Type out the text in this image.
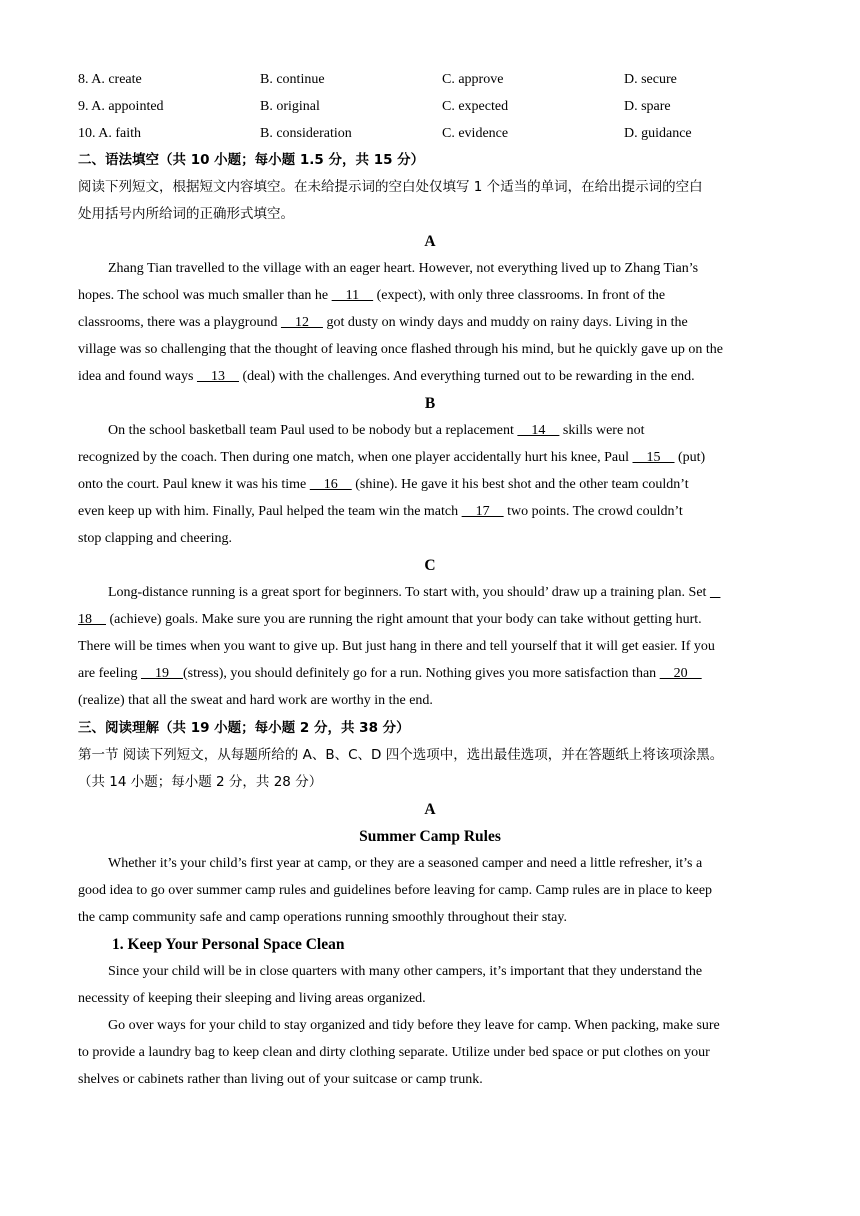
8. A. create	B. continue	C. approve	D. secure
9. A. appointed	B. original	C. expected	D. spare
10. A. faith	B. consideration	C. evidence	D. guidance
二、语法填空（共 10 小题；每小题 1.5 分，共 15 分）
阅读下列短文，根据短文内容填空。在未给提示词的空白处仅填写 1 个适当的单词，在给出提示词的空白
处用括号内所给词的正确形式填空。
A
Zhang Tian travelled to the village with an eager heart. However, not everything lived up to Zhang Tian’s
hopes. The school was much smaller than he     11     (expect), with only three classrooms. In front of the
classrooms, there was a playground     12     got dusty on windy days and muddy on rainy days. Living in the
village was so challenging that the thought of leaving once flashed through his mind, but he quickly gave up on the
idea and found ways     13     (deal) with the challenges. And everything turned out to be rewarding in the end.
B
On the school basketball team Paul used to be nobody but a replacement     14     skills were not
recognized by the coach. Then during one match, when one player accidentally hurt his knee, Paul     15     (put)
onto the court. Paul knew it was his time     16     (shine). He gave it his best shot and the other team couldn’t
even keep up with him. Finally, Paul helped the team win the match     17     two points. The crowd couldn’t
stop clapping and cheering.
C
Long-distance running is a great sport for beginners. To start with, you should’ draw up a training plan. Set
18     (achieve) goals. Make sure you are running the right amount that your body can take without getting hurt.
There will be times when you want to give up. But just hang in there and tell yourself that it will get easier. If you
are feeling     19    (stress), you should definitely go for a run. Nothing gives you more satisfaction than     20
(realize) that all the sweat and hard work are worthy in the end.
三、阅读理解（共 19 小题；每小题 2 分，共 38 分）
第一节 阅读下列短文，从每题所给的 A、B、C、D 四个选项中，选出最佳选项，并在答题纸上将该项涂黑。
（共 14 小题；每小题 2 分，共 28 分）
A
Summer Camp Rules
Whether it’s your child’s first year at camp, or they are a seasoned camper and need a little refresher, it’s a
good idea to go over summer camp rules and guidelines before leaving for camp. Camp rules are in place to keep
the camp community safe and camp operations running smoothly throughout their stay.
1. Keep Your Personal Space Clean
Since your child will be in close quarters with many other campers, it’s important that they understand the
necessity of keeping their sleeping and living areas organized.
Go over ways for your child to stay organized and tidy before they leave for camp. When packing, make sure
to provide a laundry bag to keep clean and dirty clothing separate. Utilize under bed space or put clothes on your
shelves or cabinets rather than living out of your suitcase or camp trunk.
